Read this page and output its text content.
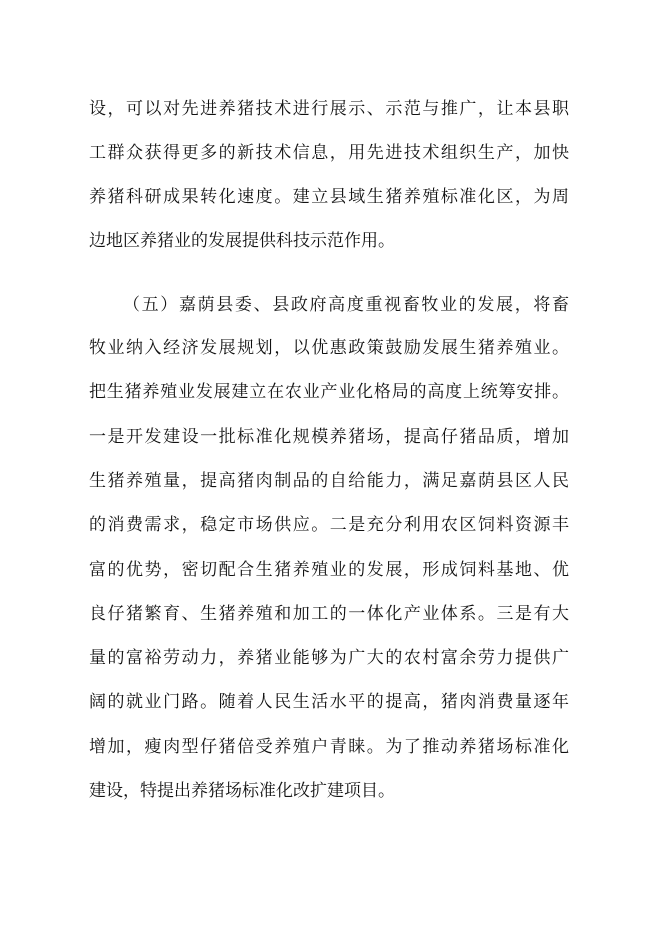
设，可以对先进养猪技术进行展示、示范与推广，让本县职
工群众获得更多的新技术信息，用先进技术组织生产，加快
养猪科研成果转化速度。建立县域生猪养殖标准化区，为周
边地区养猪业的发展提供科技示范作用。
（五）嘉荫县委、县政府高度重视畜牧业的发展，将畜
牧业纳入经济发展规划，以优惠政策鼓励发展生猪养殖业。
把生猪养殖业发展建立在农业产业化格局的高度上统筹安排。
一是开发建设一批标准化规模养猪场，提高仔猪品质，增加
生猪养殖量，提高猪肉制品的自给能力，满足嘉荫县区人民
的消费需求，稳定市场供应。二是充分利用农区饲料资源丰
富的优势，密切配合生猪养殖业的发展，形成饲料基地、优
良仔猪繁育、生猪养殖和加工的一体化产业体系。三是有大
量的富裕劳动力，养猪业能够为广大的农村富余劳力提供广
阔的就业门路。随着人民生活水平的提高，猪肉消费量逐年
增加，瘦肉型仔猪倍受养殖户青睐。为了推动养猪场标准化
建设，特提出养猪场标准化改扩建项目。
